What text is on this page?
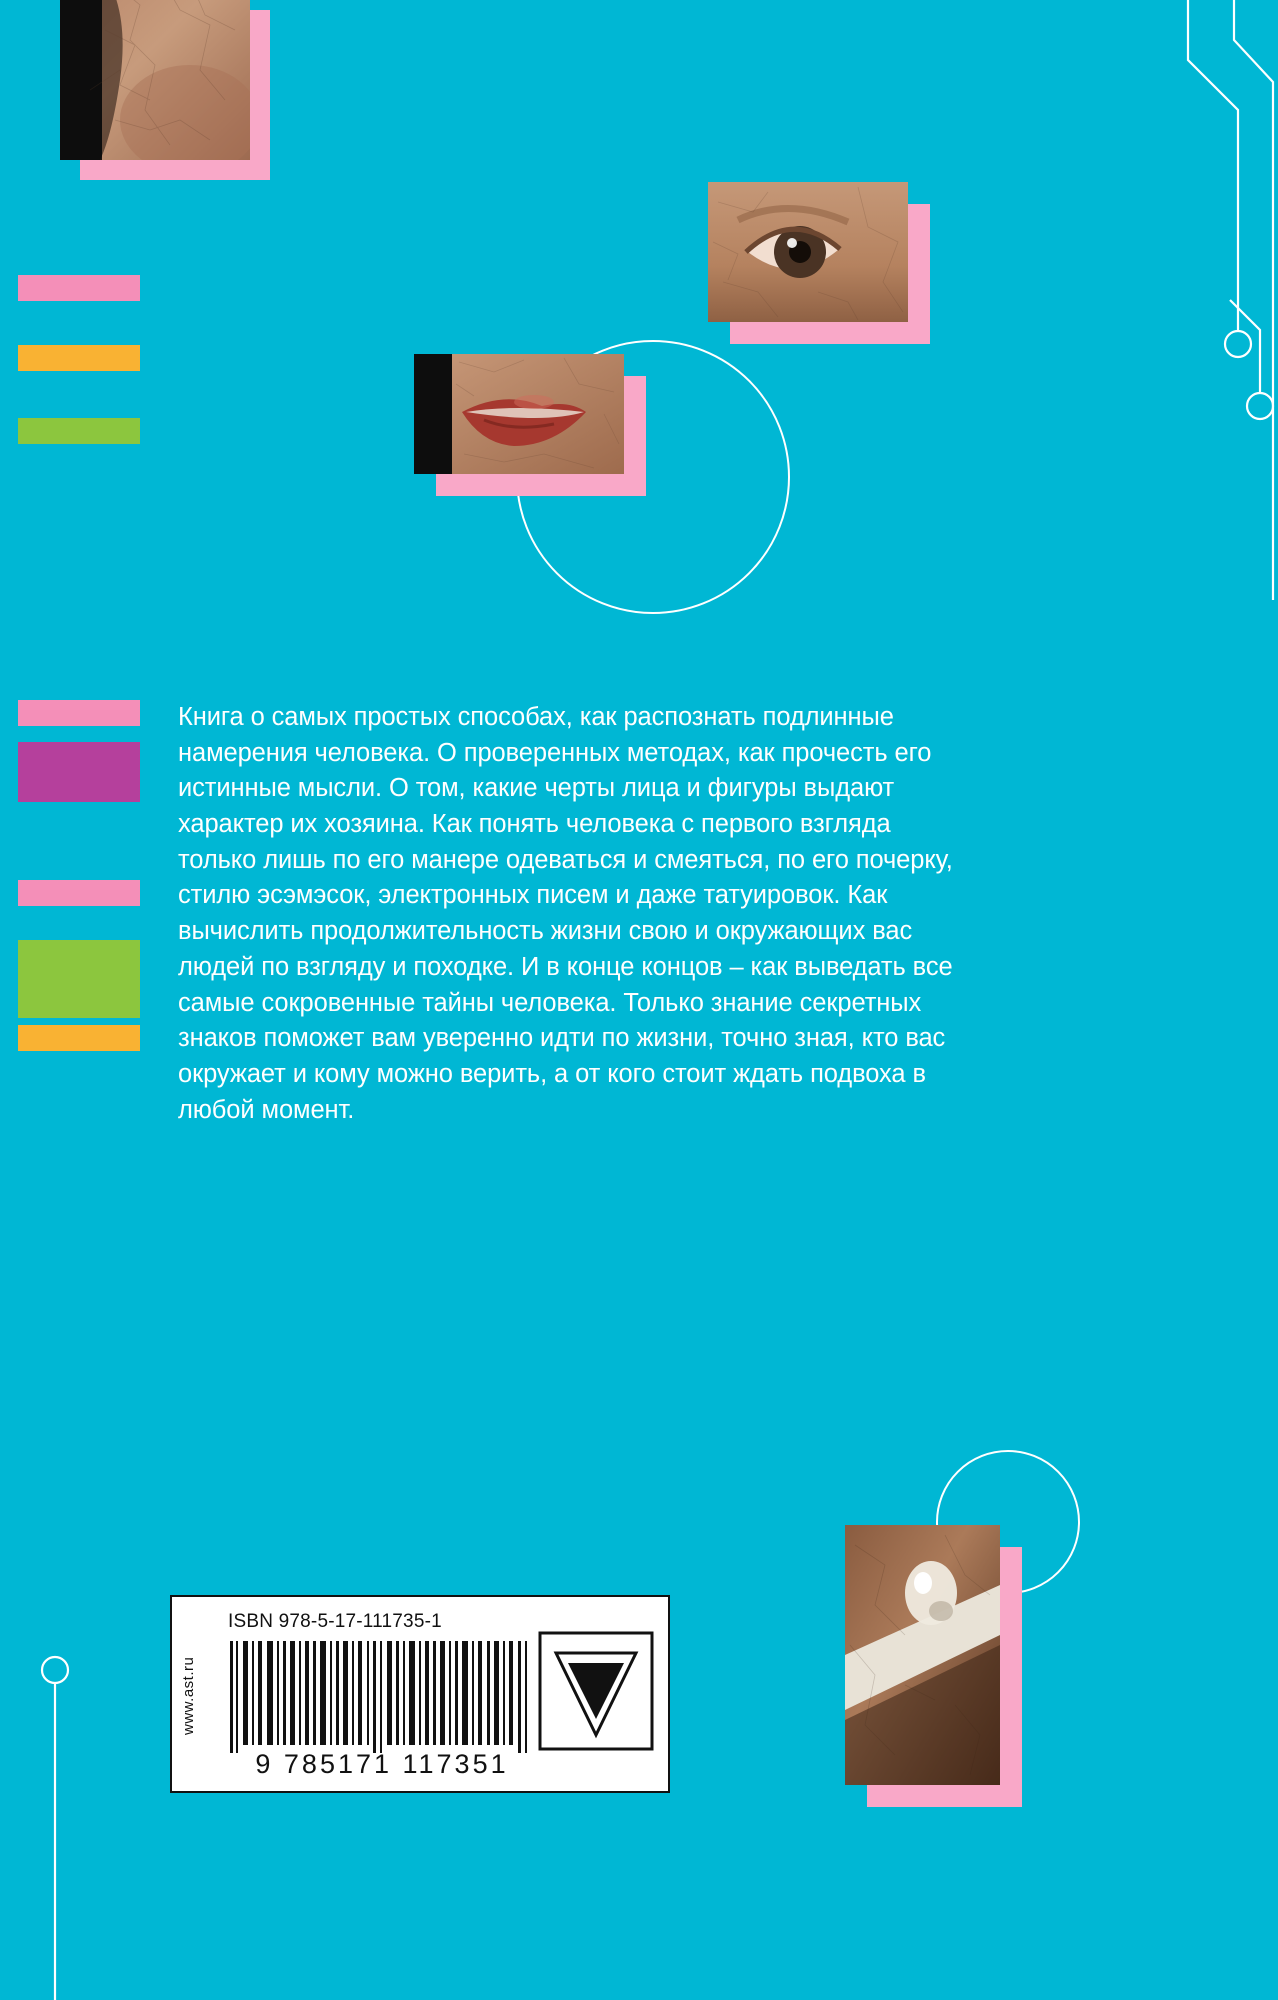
Книга о самых простых способах, как распознать подлинные намерения человека. О проверенных методах, как прочесть его истинные мысли. О том, какие черты лица и фигуры выдают характер их хозяина. Как понять человека с первого взгляда только лишь по его манере одеваться и смеяться, по его почерку, стилю эсэмэсок, электронных писем и даже татуировок. Как вычислить продолжительность жизни свою и окружающих вас людей по взгляду и походке. И в конце концов – как выведать все самые сокровенные тайны человека. Только знание секретных знаков поможет вам уверенно идти по жизни, точно зная, кто вас окружает и кому можно верить, а от кого стоит ждать подвоха в любой момент.
www.ast.ru
ISBN 978-5-17-111735-1
9 785171 117351
